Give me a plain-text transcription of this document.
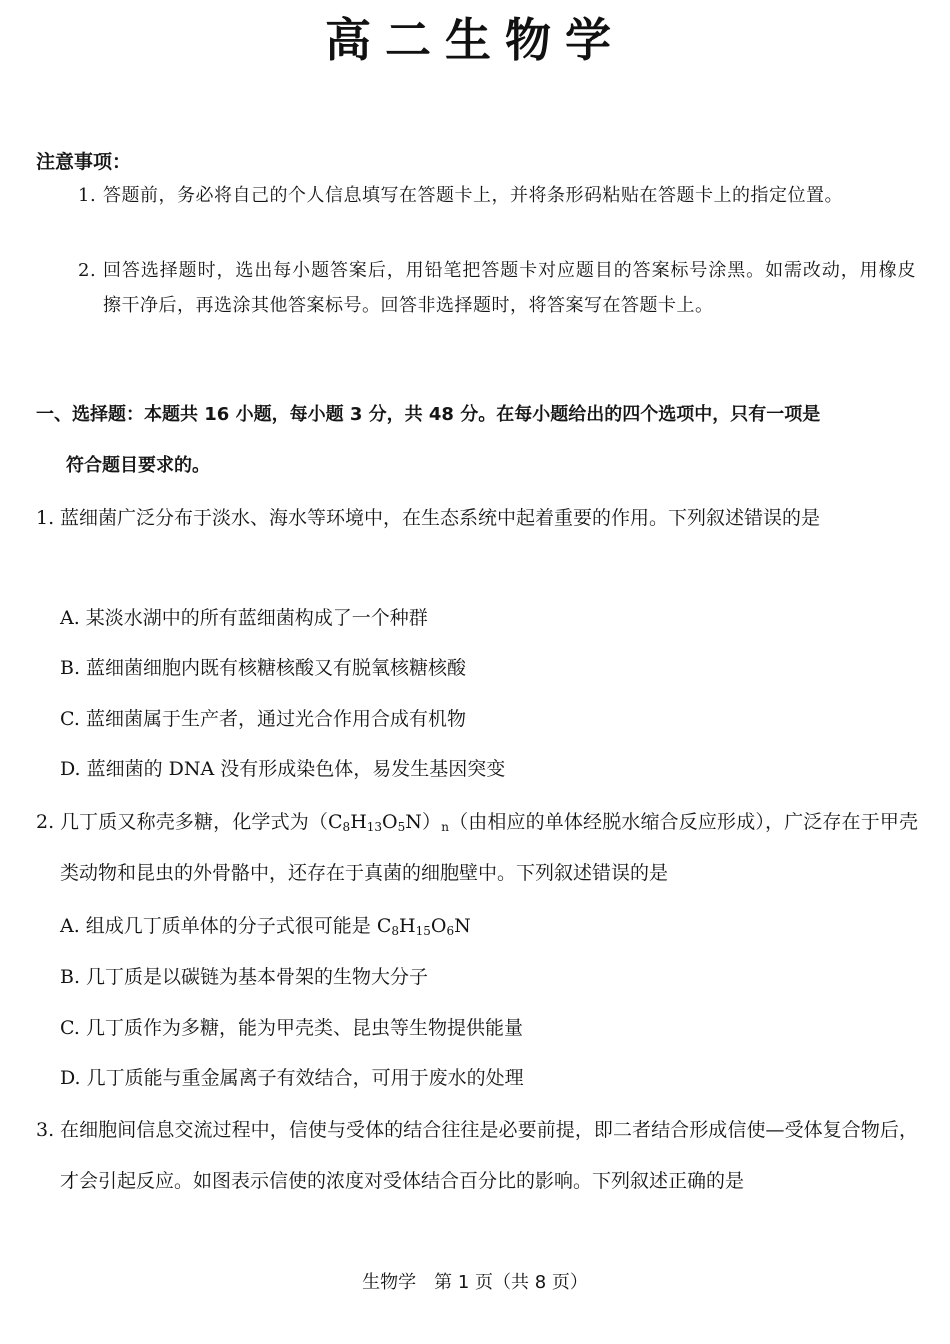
高二生物学
注意事项：
1. 答题前，务必将自己的个人信息填写在答题卡上，并将条形码粘贴在答题卡上的指定位置。
2. 回答选择题时，选出每小题答案后，用铅笔把答题卡对应题目的答案标号涂黑。如需改动，用橡皮擦干净后，再选涂其他答案标号。回答非选择题时，将答案写在答题卡上。
一、选择题：本题共 16 小题，每小题 3 分，共 48 分。在每小题给出的四个选项中，只有一项是

符合题目要求的。
1. 蓝细菌广泛分布于淡水、海水等环境中，在生态系统中起着重要的作用。下列叙述错误的是
A. 某淡水湖中的所有蓝细菌构成了一个种群
B. 蓝细菌细胞内既有核糖核酸又有脱氧核糖核酸
C. 蓝细菌属于生产者，通过光合作用合成有机物
D. 蓝细菌的 DNA 没有形成染色体，易发生基因突变
2. 几丁质又称壳多糖，化学式为$(C_8H_{13}O_5N)_n$（由相应的单体经脱水缩合反应形成），广泛存在于甲壳类动物和昆虫的外骨骼中，还存在于真菌的细胞壁中。下列叙述错误的是
A. 组成几丁质单体的分子式很可能是 $C_8H_{15}O_6N$
B. 几丁质是以碳链为基本骨架的生物大分子
C. 几丁质作为多糖，能为甲壳类、昆虫等生物提供能量
D. 几丁质能与重金属离子有效结合，可用于废水的处理
3. 在细胞间信息交流过程中，信使与受体的结合往往是必要前提，即二者结合形成信使—受体复合物后，才会引起反应。如图表示信使的浓度对受体结合百分比的影响。下列叙述正确的是
生物学　第 1 页（共 8 页）
